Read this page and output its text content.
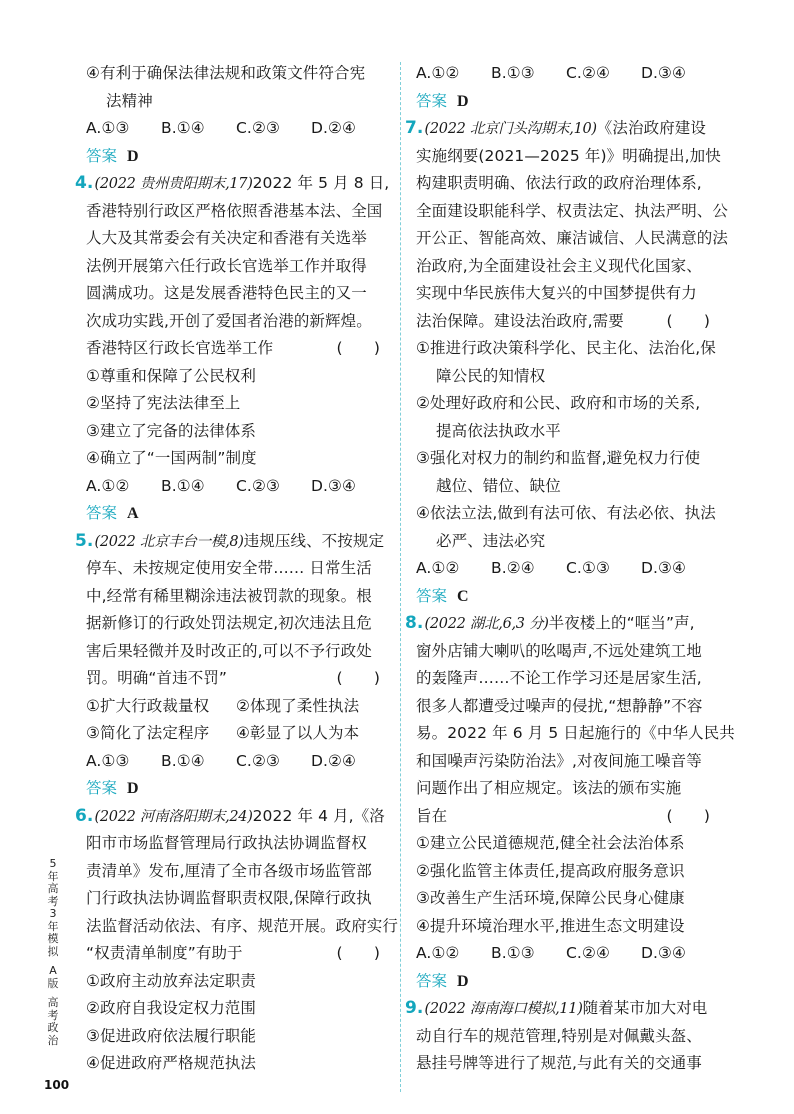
④有利于确保法律法规和政策文件符合宪
法精神
A.①③	B.①④	C.②③	D.②④
答案 D
4.(2022 贵州贵阳期末,17)2022 年 5 月 8 日,
香港特别行政区严格依照香港基本法、全国
人大及其常委会有关决定和香港有关选举
法例开展第六任行政长官选举工作并取得
圆满成功。这是发展香港特色民主的又一
次成功实践,开创了爱国者治港的新辉煌。
香港特区行政长官选举工作	(　　)
①尊重和保障了公民权利
②坚持了宪法法律至上
③建立了完备的法律体系
④确立了“一国两制”制度
A.①②	B.①④	C.②③	D.③④
答案 A
5.(2022 北京丰台一模,8)违规压线、不按规定
停车、未按规定使用安全带…… 日常生活
中,经常有稀里糊涂违法被罚款的现象。根
据新修订的行政处罚法规定,初次违法且危
害后果轻微并及时改正的,可以不予行政处
罚。明确“首违不罚”	(　　)
①扩大行政裁量权	②体现了柔性执法
③简化了法定程序	④彰显了以人为本
A.①③	B.①④	C.②③	D.②④
答案 D
6.(2022 河南洛阳期末,24)2022 年 4 月,《洛
阳市市场监督管理局行政执法协调监督权
责清单》发布,厘清了全市各级市场监管部
门行政执法协调监督职责权限,保障行政执
法监督活动依法、有序、规范开展。政府实行
“权责清单制度”有助于	(　　)
①政府主动放弃法定职责
②政府自我设定权力范围
③促进政府依法履行职能
④促进政府严格规范执法
A.①②	B.①③	C.②④	D.③④
答案 D
7.(2022 北京门头沟期末,10)《法治政府建设
实施纲要(2021—2025 年)》明确提出,加快
构建职责明确、依法行政的政府治理体系,
全面建设职能科学、权责法定、执法严明、公
开公正、智能高效、廉洁诚信、人民满意的法
治政府,为全面建设社会主义现代化国家、
实现中华民族伟大复兴的中国梦提供有力
法治保障。建设法治政府,需要	(　　)
①推进行政决策科学化、民主化、法治化,保
障公民的知情权
②处理好政府和公民、政府和市场的关系,
提高依法执政水平
③强化对权力的制约和监督,避免权力行使
越位、错位、缺位
④依法立法,做到有法可依、有法必依、执法
必严、违法必究
A.①②	B.②④	C.①③	D.③④
答案 C
8.(2022 湖北,6,3 分)半夜楼上的“哐当”声,
窗外店铺大喇叭的吆喝声,不远处建筑工地
的轰隆声……不论工作学习还是居家生活,
很多人都遭受过噪声的侵扰,“想静静”不容
易。2022 年 6 月 5 日起施行的《中华人民共
和国噪声污染防治法》,对夜间施工噪音等
问题作出了相应规定。该法的颁布实施
旨在	(　　)
①建立公民道德规范,健全社会法治体系
②强化监管主体责任,提高政府服务意识
③改善生产生活环境,保障公民身心健康
④提升环境治理水平,推进生态文明建设
A.①②	B.①③	C.②④	D.③④
答案 D
9.(2022 海南海口模拟,11)随着某市加大对电
动自行车的规范管理,特别是对佩戴头盔、
悬挂号牌等进行了规范,与此有关的交通事
5年高考3年模拟
A版
高考政治
100
